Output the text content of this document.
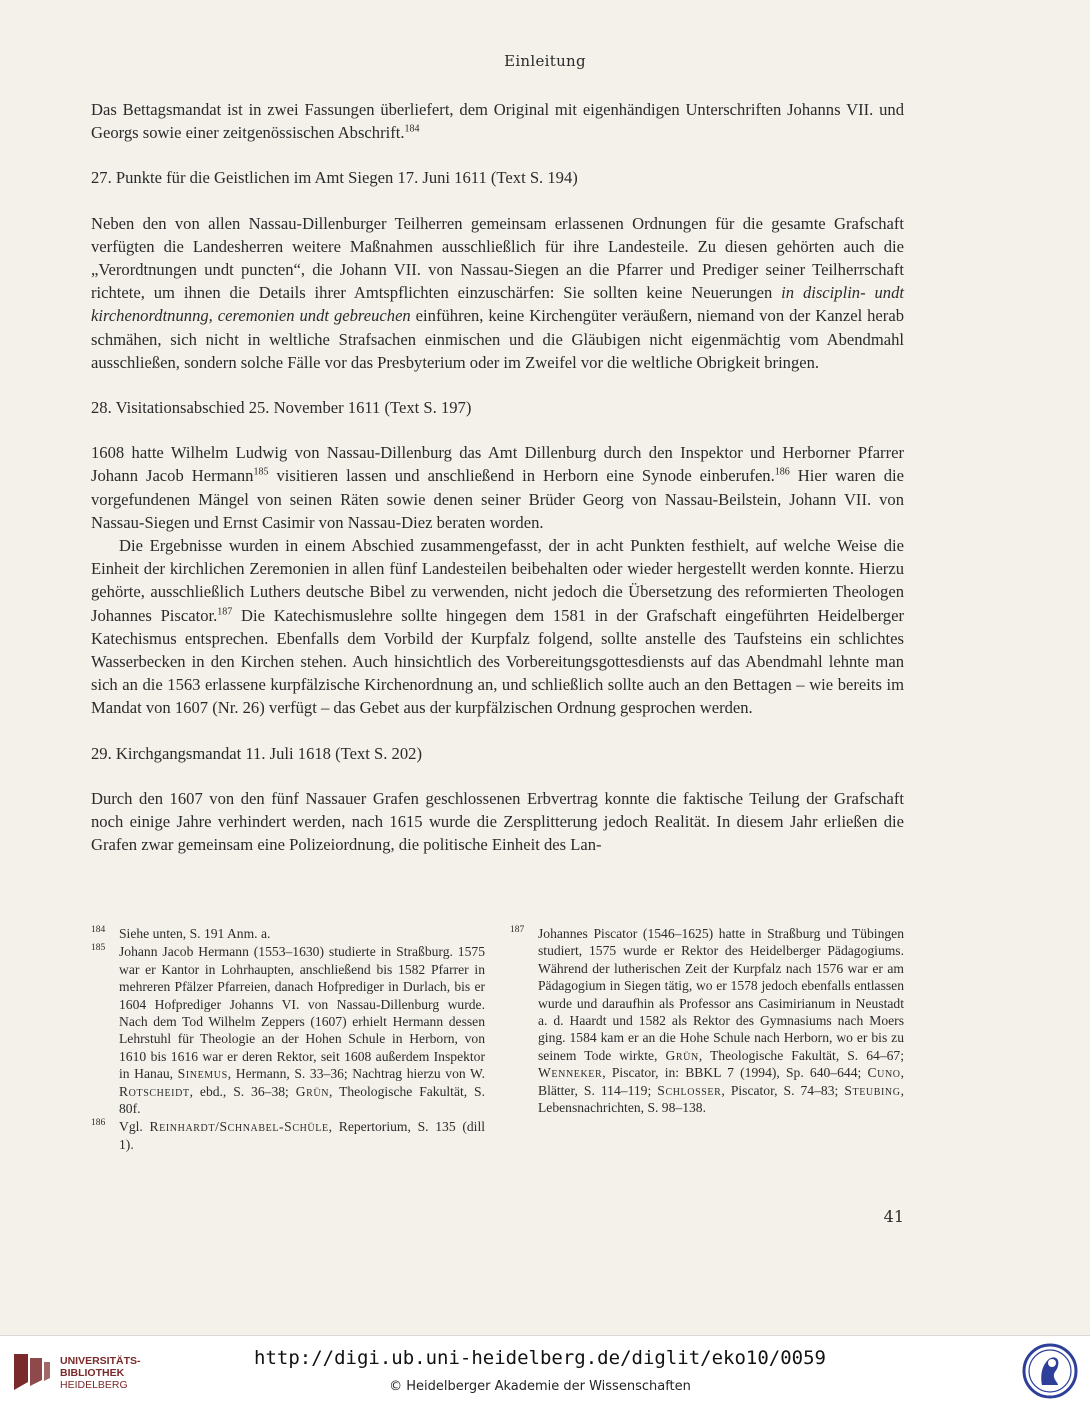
Einleitung

Das Bettagsmandat ist in zwei Fassungen überliefert, dem Original mit eigenhändigen Unterschriften Johanns VII. und Georgs sowie einer zeitgenössischen Abschrift.$^{184}$

27. Punkte für die Geistlichen im Amt Siegen 17. Juni 1611 (Text S. 194)

Neben den von allen Nassau-Dillenburger Teilherren gemeinsam erlassenen Ordnungen für die gesamte Grafschaft verfügten die Landesherren weitere Maßnahmen ausschließlich für ihre Landesteile. Zu diesen gehörten auch die „Verordtnungen undt puncten“, die Johann VII. von Nassau-Siegen an die Pfarrer und Prediger seiner Teilherrschaft richtete, um ihnen die Details ihrer Amtspflichten einzuschärfen: Sie sollten keine Neuerungen in disciplin- undt kirchenordtnunng, ceremonien undt gebreuchen einführen, keine Kirchengüter veräußern, niemand von der Kanzel herab schmähen, sich nicht in weltliche Strafsachen einmischen und die Gläubigen nicht eigenmächtig vom Abendmahl ausschließen, sondern solche Fälle vor das Presbyterium oder im Zweifel vor die weltliche Obrigkeit bringen.

28. Visitationsabschied 25. November 1611 (Text S. 197)

1608 hatte Wilhelm Ludwig von Nassau-Dillenburg das Amt Dillenburg durch den Inspektor und Herborner Pfarrer Johann Jacob Hermann$^{185}$ visitieren lassen und anschließend in Herborn eine Synode einberufen.$^{186}$ Hier waren die vorgefundenen Mängel von seinen Räten sowie denen seiner Brüder Georg von Nassau-Beilstein, Johann VII. von Nassau-Siegen und Ernst Casimir von Nassau-Diez beraten worden.

Die Ergebnisse wurden in einem Abschied zusammengefasst, der in acht Punkten festhielt, auf welche Weise die Einheit der kirchlichen Zeremonien in allen fünf Landesteilen beibehalten oder wieder hergestellt werden konnte. Hierzu gehörte, ausschließlich Luthers deutsche Bibel zu verwenden, nicht jedoch die Übersetzung des reformierten Theologen Johannes Piscator.$^{187}$ Die Katechismuslehre sollte hingegen dem 1581 in der Grafschaft eingeführten Heidelberger Katechismus entsprechen. Ebenfalls dem Vorbild der Kurpfalz folgend, sollte anstelle des Taufsteins ein schlichtes Wasserbecken in den Kirchen stehen. Auch hinsichtlich des Vorbereitungsgottesdiensts auf das Abendmahl lehnte man sich an die 1563 erlassene kurpfälzische Kirchenordnung an, und schließlich sollte auch an den Bettagen – wie bereits im Mandat von 1607 (Nr. 26) verfügt – das Gebet aus der kurpfälzischen Ordnung gesprochen werden.

29. Kirchgangsmandat 11. Juli 1618 (Text S. 202)

Durch den 1607 von den fünf Nassauer Grafen geschlossenen Erbvertrag konnte die faktische Teilung der Grafschaft noch einige Jahre verhindert werden, nach 1615 wurde die Zersplitterung jedoch Realität. In diesem Jahr erließen die Grafen zwar gemeinsam eine Polizeiordnung, die politische Einheit des Lan-

184 Siehe unten, S. 191 Anm. a.
185 Johann Jacob Hermann (1553–1630) studierte in Straßburg. 1575 war er Kantor in Lohrhaupten, anschließend bis 1582 Pfarrer in mehreren Pfälzer Pfarreien, danach Hofprediger in Durlach, bis er 1604 Hofprediger Johanns VI. von Nassau-Dillenburg wurde. Nach dem Tod Wilhelm Zeppers (1607) erhielt Hermann dessen Lehrstuhl für Theologie an der Hohen Schule in Herborn, von 1610 bis 1616 war er deren Rektor, seit 1608 außerdem Inspektor in Hanau, Sinemus, Hermann, S. 33–36; Nachtrag hierzu von W. Rotscheidt, ebd., S. 36–38; Grün, Theologische Fakultät, S. 80f.
186 Vgl. Reinhardt/Schnabel-Schüle, Repertorium, S. 135 (dill 1).
187 Johannes Piscator (1546–1625) hatte in Straßburg und Tübingen studiert, 1575 wurde er Rektor des Heidelberger Pädagogiums. Während der lutherischen Zeit der Kurpfalz nach 1576 war er am Pädagogium in Siegen tätig, wo er 1578 jedoch ebenfalls entlassen wurde und daraufhin als Professor ans Casimirianum in Neustadt a. d. Haardt und 1582 als Rektor des Gymnasiums nach Moers ging. 1584 kam er an die Hohe Schule nach Herborn, wo er bis zu seinem Tode wirkte, Grün, Theologische Fakultät, S. 64–67; Wenneker, Piscator, in: BBKL 7 (1994), Sp. 640–644; Cuno, Blätter, S. 114–119; Schlosser, Piscator, S. 74–83; Steubing, Lebensnachrichten, S. 98–138.
41
UNIVERSITÄTS-
BIBLIOTHEK
HEIDELBERG
http://digi.ub.uni-heidelberg.de/diglit/eko10/0059
© Heidelberger Akademie der Wissenschaften
